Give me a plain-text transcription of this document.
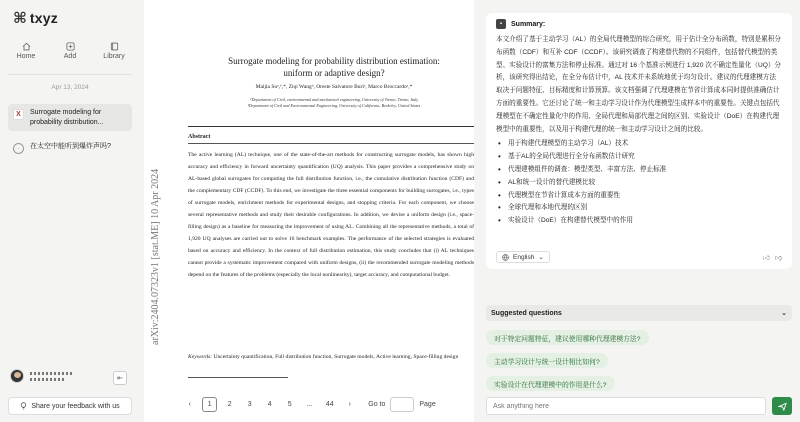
⌘ txyz
Home	Add	Library
Apr 13, 2024
X	Surrogate modeling for probability distribution...
·	在太空中能听到爆炸声吗?
⇤
Share your feedback with us
arXiv:2404.07323v1 [stat.ME] 10 Apr 2024
Surrogate modeling for probability distribution estimation:
uniform or adaptive design?
Maijia Suᵃ,ᵇ,*, Ziqi Wangᵇ, Oreste Salvatore Buriᵃ, Marco Broccardoᵃ,*
ᵃDepartment of Civil, environmental and mechanical engineering, University of Trento, Trento, Italy
ᵇDepartment of Civil and Environmental Engineering, University of California, Berkeley, United States
Abstract
The active learning (AL) technique, one of the state-of-the-art methods for constructing surrogate models, has shown high accuracy and efficiency in forward uncertainty quantification (UQ) analysis. This paper provides a comprehensive study on AL-based global surrogates for computing the full distribution function, i.e., the cumulative distribution function (CDF) and the complementary CDF (CCDF). To this end, we investigate the three essential components for building surrogates, i.e., types of surrogate models, enrichment methods for experimental designs, and stopping criteria. For each component, we choose several representative methods and study their desirable configurations. In addition, we devise a uniform design (i.e., space-filling design) as a baseline for measuring the improvement of using AL. Combining all the representative methods, a total of 1,920 UQ analyses are carried out to solve 16 benchmark examples. The performance of the selected strategies is evaluated based on accuracy and efficiency. In the context of full distribution estimation, this study concludes that (i) AL techniques cannot provide a systematic improvement compared with uniform designs, (ii) the recommended surrogate modeling methods depend on the features of the problems (especially the local nonlinearity), target accuracy, and computational budget.
Keywords: Uncertainty quantification, Full distribution function, Surrogate models, Active learning, Space-filling design
‹	1	2	3	4	5	...	44	›	Go to	Page
▪	Summary:
本文介绍了基于主动学习（AL）的全局代理模型的综合研究，用于估计全分布函数，特别是累积分布函数（CDF）和互补 CDF（CCDF）。该研究调查了构建替代物的不同组件，包括替代模型的类型、实验设计的富集方法和停止标准。通过对 16 个基准示例进行 1,920 次不确定性量化（UQ）分析，该研究得出结论，在全分布估计中，AL 技术并未系统地优于均匀设计。建议的代理建模方法取决于问题特征、目标精度和计算预算。该文档强调了代理建模在节省计算成本同时提供准确估计方面的重要性。它还讨论了统一和主动学习设计作为代理模型生成样本中的重要性。关键点包括代理模型在不确定性量化中的作用、全局代理和局部代理之间的区别、实验设计（DoE）在构建代理模型中的重要性，以及用于构建代理的统一和主动学习设计之间的比较。
• 用于构建代理模型的主动学习（AL）技术
• 基于AL的全局代理进行全分布函数估计研究
• 代理建模组件的调查：模型类型、丰富方法、停止标准
• AL和统一设计的替代建模比较
• 代理模型在节省计算成本方面的重要性
• 全球代理和本地代理的区别
• 实验设计（DoE）在构建替代模型中的作用
English ⌄	👍︎ 👎︎
Suggested questions	⌄
对于特定问题特征，建议使用哪种代理建模方法?
主动学习设计与统一设计相比如何?
实验设计在代理建模中的作用是什么?
Ask anything here
